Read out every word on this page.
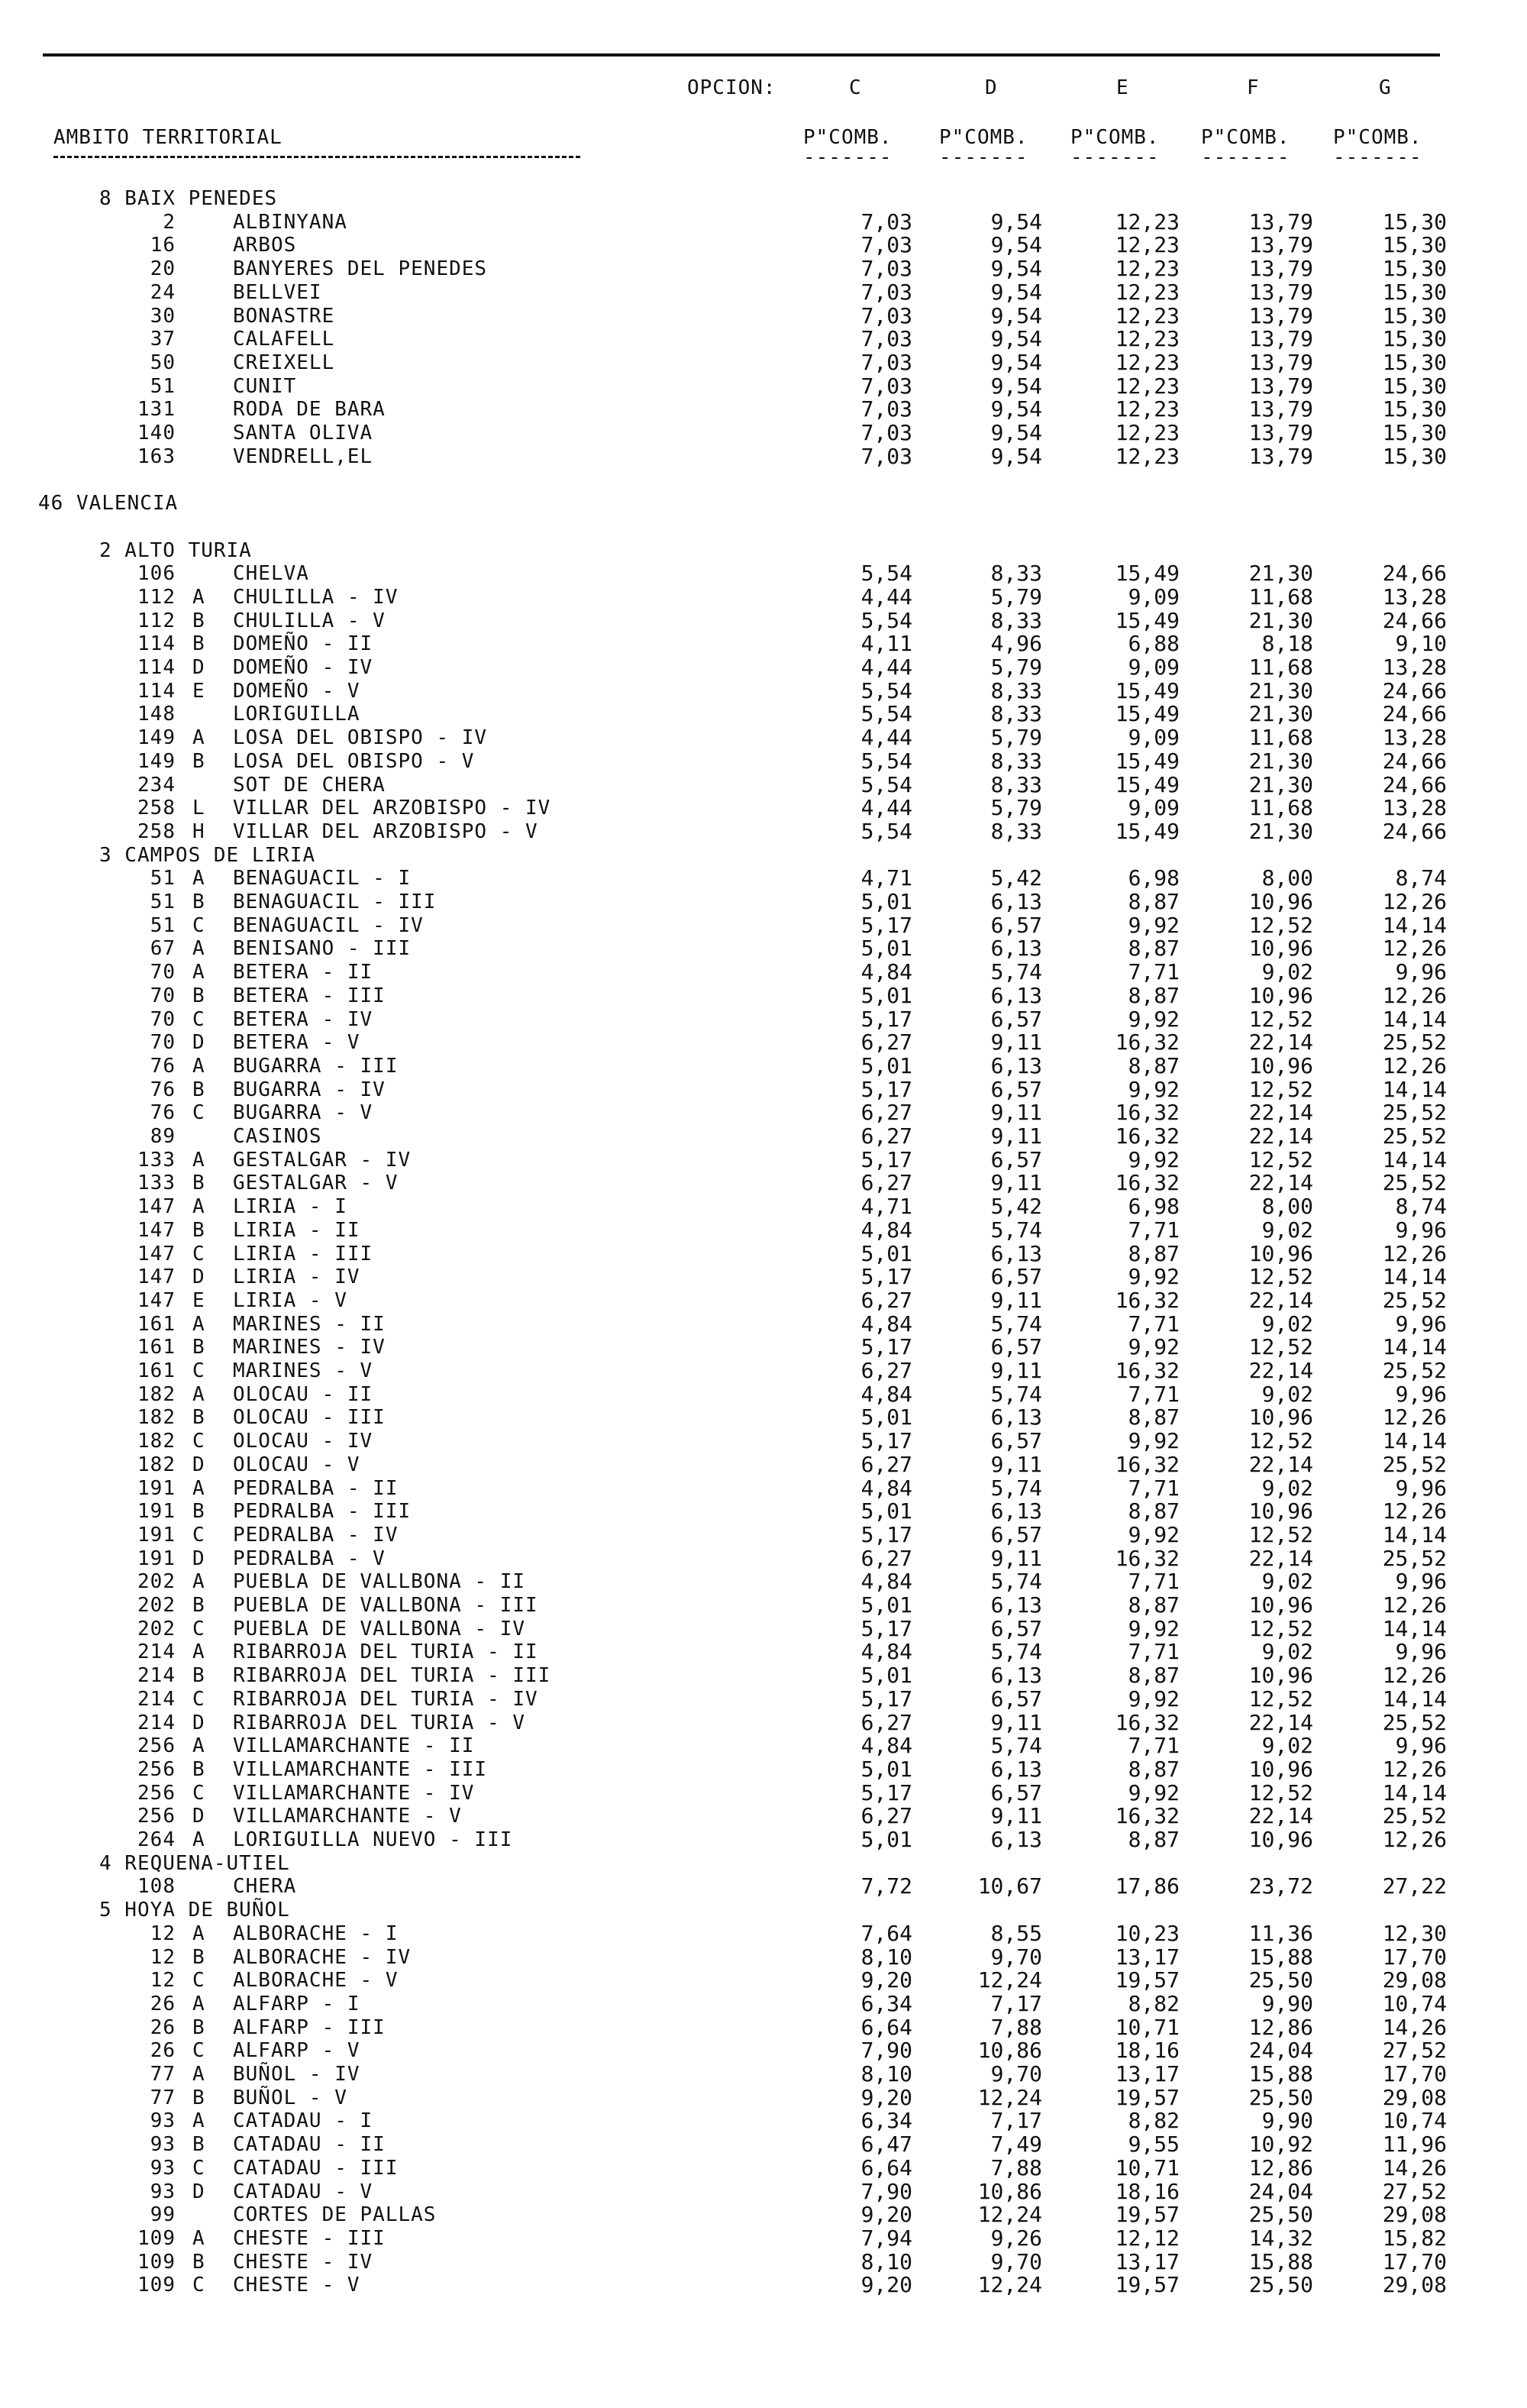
OPCION:	C	D	E	F	G
AMBITO TERRITORIAL	P"COMB. P"COMB. P"COMB. P"COMB. P"COMB.
------- ------- ------- ------- -------
8 BAIX PENEDES
2	ALBINYANA	7,03	9,54	12,23	13,79	15,30
16	ARBOS	7,03	9,54	12,23	13,79	15,30
20	BANYERES DEL PENEDES	7,03	9,54	12,23	13,79	15,30
24	BELLVEI	7,03	9,54	12,23	13,79	15,30
30	BONASTRE	7,03	9,54	12,23	13,79	15,30
37	CALAFELL	7,03	9,54	12,23	13,79	15,30
50	CREIXELL	7,03	9,54	12,23	13,79	15,30
51	CUNIT	7,03	9,54	12,23	13,79	15,30
131	RODA DE BARA	7,03	9,54	12,23	13,79	15,30
140	SANTA OLIVA	7,03	9,54	12,23	13,79	15,30
163	VENDRELL,EL	7,03	9,54	12,23	13,79	15,30
46 VALENCIA
2 ALTO TURIA
106	CHELVA	5,54	8,33	15,49	21,30	24,66
112 A CHULILLA - IV	4,44	5,79	9,09	11,68	13,28
112 B CHULILLA - V	5,54	8,33	15,49	21,30	24,66
114 B DOMEÑO - II	4,11	4,96	6,88	8,18	9,10
114 D DOMEÑO - IV	4,44	5,79	9,09	11,68	13,28
114 E DOMEÑO - V	5,54	8,33	15,49	21,30	24,66
148	LORIGUILLA	5,54	8,33	15,49	21,30	24,66
149 A LOSA DEL OBISPO - IV	4,44	5,79	9,09	11,68	13,28
149 B LOSA DEL OBISPO - V	5,54	8,33	15,49	21,30	24,66
234	SOT DE CHERA	5,54	8,33	15,49	21,30	24,66
258 L VILLAR DEL ARZOBISPO - IV	4,44	5,79	9,09	11,68	13,28
258 H VILLAR DEL ARZOBISPO - V	5,54	8,33	15,49	21,30	24,66
3 CAMPOS DE LIRIA
51 A BENAGUACIL - I	4,71	5,42	6,98	8,00	8,74
51 B BENAGUACIL - III	5,01	6,13	8,87	10,96	12,26
51 C BENAGUACIL - IV	5,17	6,57	9,92	12,52	14,14
67 A BENISANO - III	5,01	6,13	8,87	10,96	12,26
70 A BETERA - II	4,84	5,74	7,71	9,02	9,96
70 B BETERA - III	5,01	6,13	8,87	10,96	12,26
70 C BETERA - IV	5,17	6,57	9,92	12,52	14,14
70 D BETERA - V	6,27	9,11	16,32	22,14	25,52
76 A BUGARRA - III	5,01	6,13	8,87	10,96	12,26
76 B BUGARRA - IV	5,17	6,57	9,92	12,52	14,14
76 C BUGARRA - V	6,27	9,11	16,32	22,14	25,52
89	CASINOS	6,27	9,11	16,32	22,14	25,52
133 A GESTALGAR - IV	5,17	6,57	9,92	12,52	14,14
133 B GESTALGAR - V	6,27	9,11	16,32	22,14	25,52
147 A LIRIA - I	4,71	5,42	6,98	8,00	8,74
147 B LIRIA - II	4,84	5,74	7,71	9,02	9,96
147 C LIRIA - III	5,01	6,13	8,87	10,96	12,26
147 D LIRIA - IV	5,17	6,57	9,92	12,52	14,14
147 E LIRIA - V	6,27	9,11	16,32	22,14	25,52
161 A MARINES - II	4,84	5,74	7,71	9,02	9,96
161 B MARINES - IV	5,17	6,57	9,92	12,52	14,14
161 C MARINES - V	6,27	9,11	16,32	22,14	25,52
182 A OLOCAU - II	4,84	5,74	7,71	9,02	9,96
182 B OLOCAU - III	5,01	6,13	8,87	10,96	12,26
182 C OLOCAU - IV	5,17	6,57	9,92	12,52	14,14
182 D OLOCAU - V	6,27	9,11	16,32	22,14	25,52
191 A PEDRALBA - II	4,84	5,74	7,71	9,02	9,96
191 B PEDRALBA - III	5,01	6,13	8,87	10,96	12,26
191 C PEDRALBA - IV	5,17	6,57	9,92	12,52	14,14
191 D PEDRALBA - V	6,27	9,11	16,32	22,14	25,52
202 A PUEBLA DE VALLBONA - II	4,84	5,74	7,71	9,02	9,96
202 B PUEBLA DE VALLBONA - III	5,01	6,13	8,87	10,96	12,26
202 C PUEBLA DE VALLBONA - IV	5,17	6,57	9,92	12,52	14,14
214 A RIBARROJA DEL TURIA - II	4,84	5,74	7,71	9,02	9,96
214 B RIBARROJA DEL TURIA - III	5,01	6,13	8,87	10,96	12,26
214 C RIBARROJA DEL TURIA - IV	5,17	6,57	9,92	12,52	14,14
214 D RIBARROJA DEL TURIA - V	6,27	9,11	16,32	22,14	25,52
256 A VILLAMARCHANTE - II	4,84	5,74	7,71	9,02	9,96
256 B VILLAMARCHANTE - III	5,01	6,13	8,87	10,96	12,26
256 C VILLAMARCHANTE - IV	5,17	6,57	9,92	12,52	14,14
256 D VILLAMARCHANTE - V	6,27	9,11	16,32	22,14	25,52
264 A LORIGUILLA NUEVO - III	5,01	6,13	8,87	10,96	12,26
4 REQUENA-UTIEL
108	CHERA	7,72	10,67	17,86	23,72	27,22
5 HOYA DE BUÑOL
12 A ALBORACHE - I	7,64	8,55	10,23	11,36	12,30
12 B ALBORACHE - IV	8,10	9,70	13,17	15,88	17,70
12 C ALBORACHE - V	9,20	12,24	19,57	25,50	29,08
26 A ALFARP - I	6,34	7,17	8,82	9,90	10,74
26 B ALFARP - III	6,64	7,88	10,71	12,86	14,26
26 C ALFARP - V	7,90	10,86	18,16	24,04	27,52
77 A BUÑOL - IV	8,10	9,70	13,17	15,88	17,70
77 B BUÑOL - V	9,20	12,24	19,57	25,50	29,08
93 A CATADAU - I	6,34	7,17	8,82	9,90	10,74
93 B CATADAU - II	6,47	7,49	9,55	10,92	11,96
93 C CATADAU - III	6,64	7,88	10,71	12,86	14,26
93 D CATADAU - V	7,90	10,86	18,16	24,04	27,52
99	CORTES DE PALLAS	9,20	12,24	19,57	25,50	29,08
109 A CHESTE - III	7,94	9,26	12,12	14,32	15,82
109 B CHESTE - IV	8,10	9,70	13,17	15,88	17,70
109 C CHESTE - V	9,20	12,24	19,57	25,50	29,08
